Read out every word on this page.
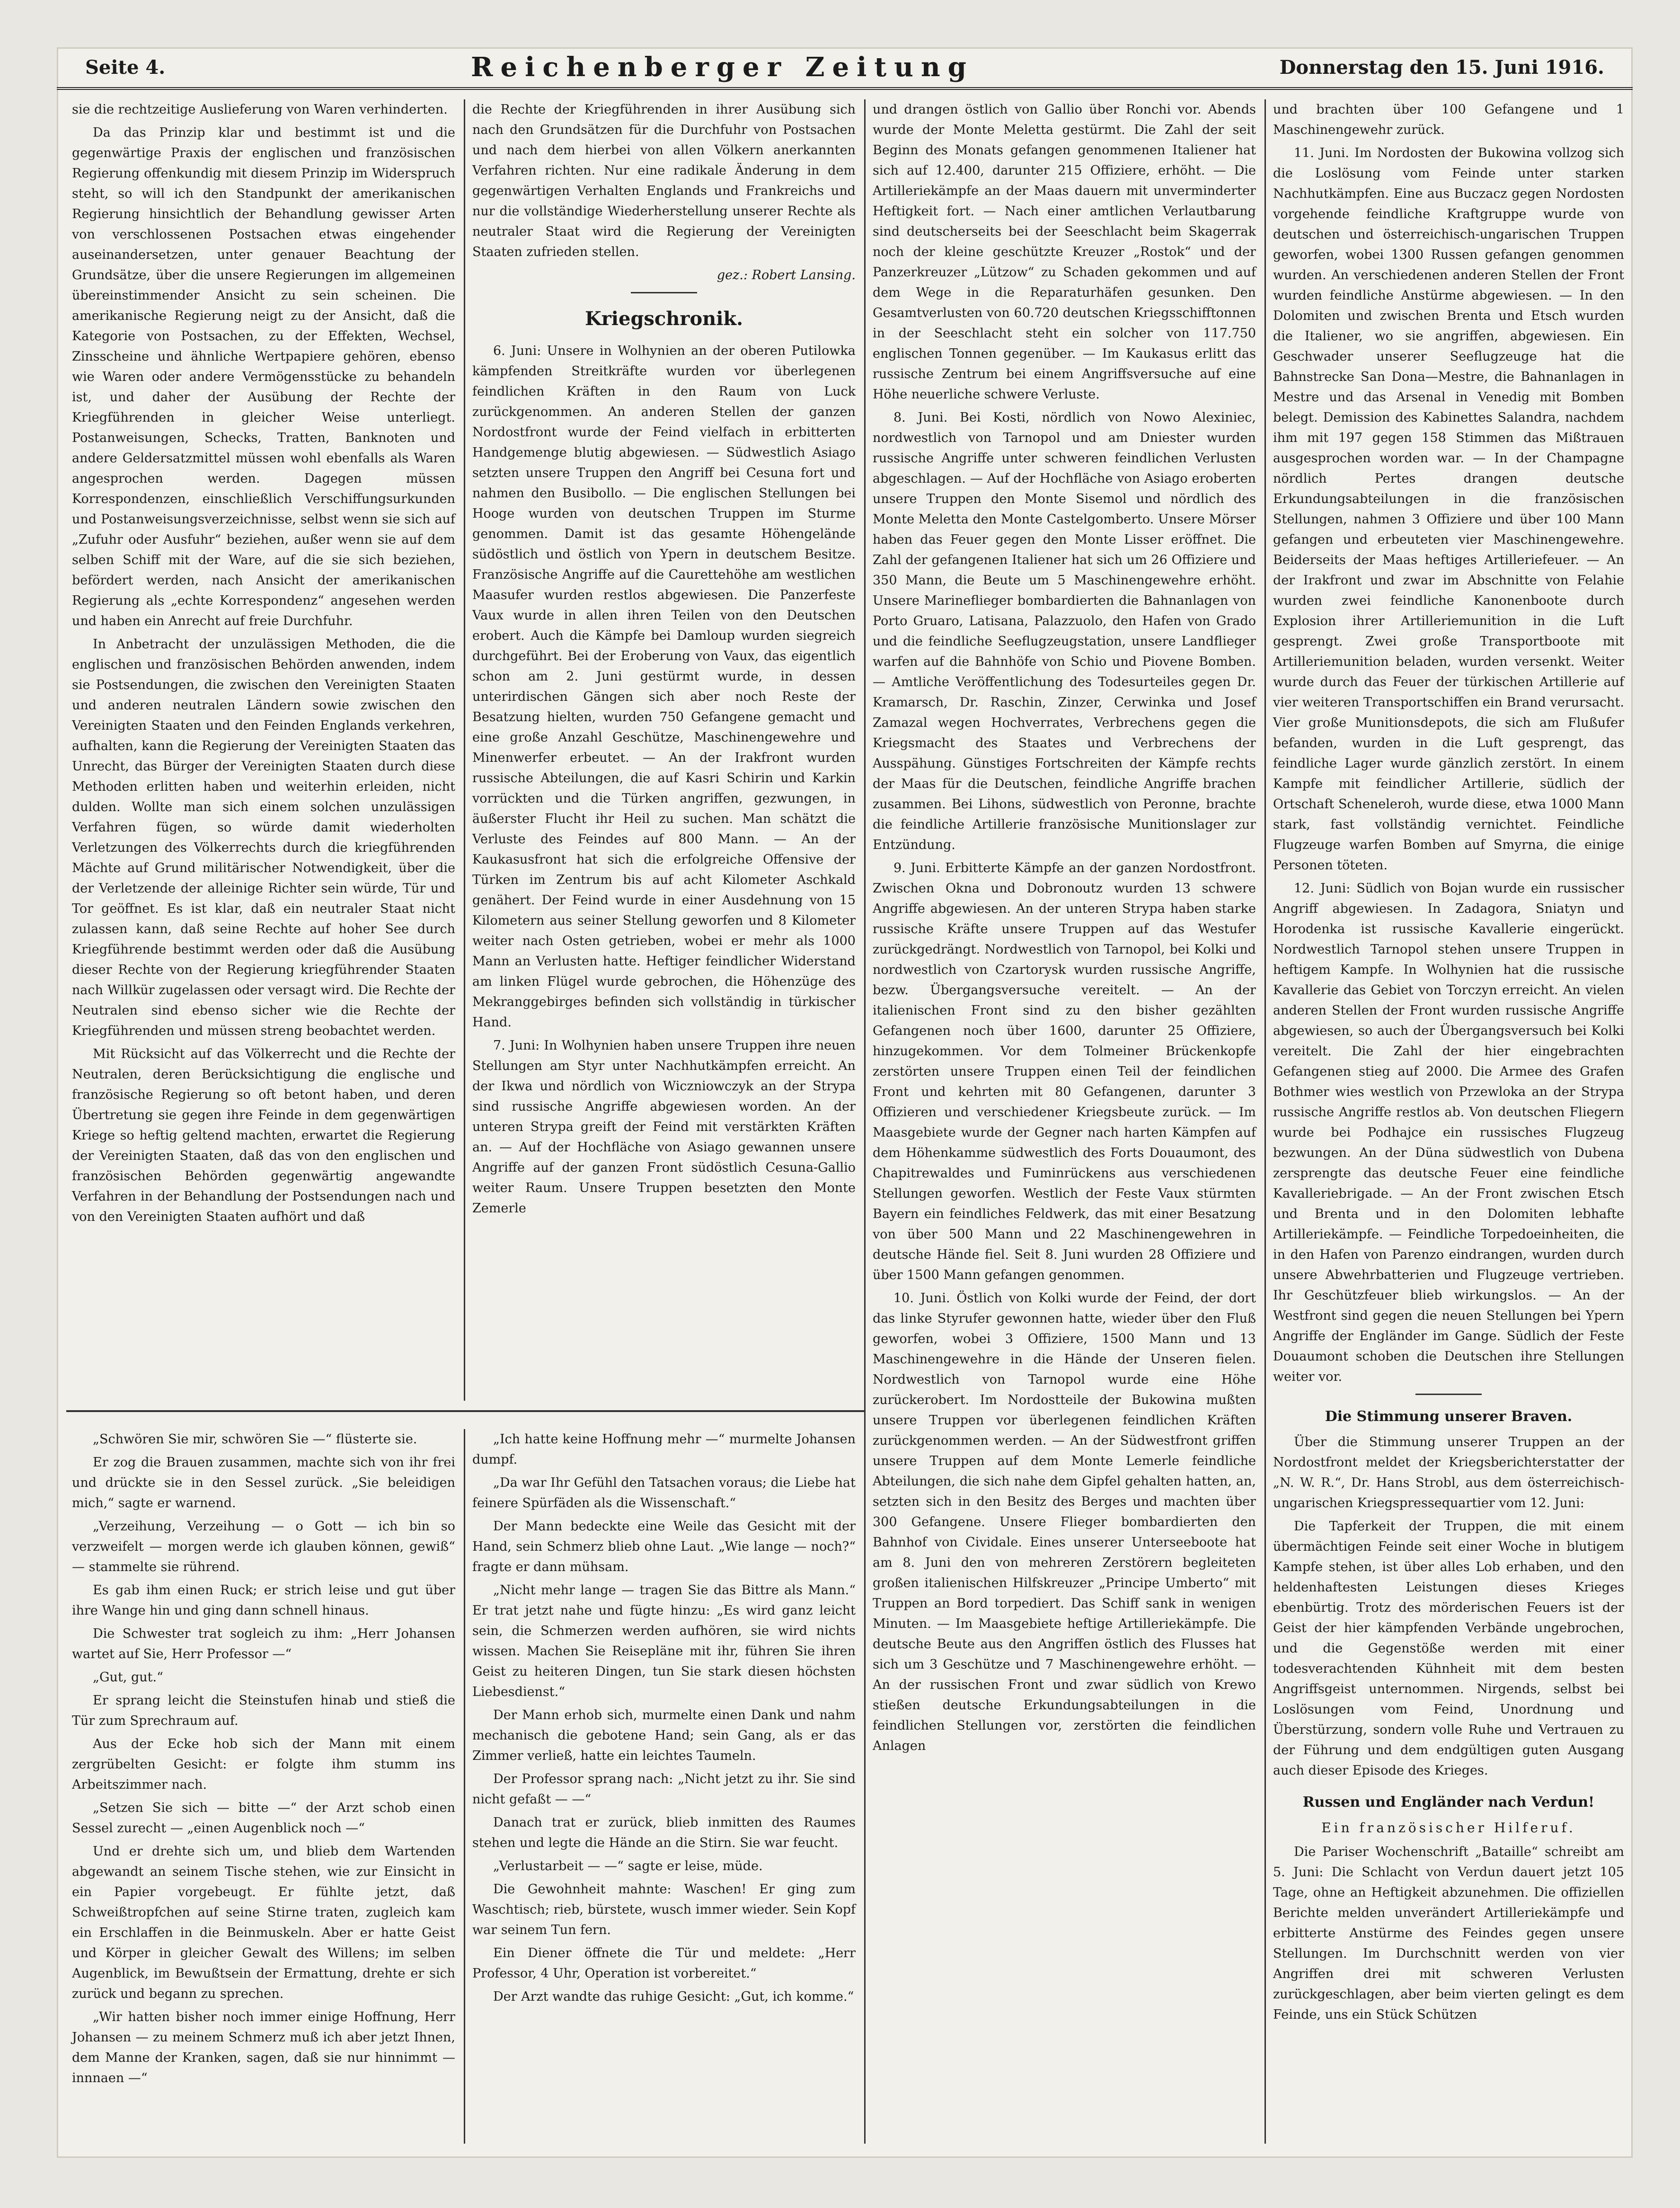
Seite 4.	Reichenberger Zeitung	Donnerstag den 15. Juni 1916.

sie die rechtzeitige Auslieferung von Waren verhinderten.

Da das Prinzip klar und bestimmt ist und die gegenwärtige Praxis der englischen und französischen Regierung offenkundig mit diesem Prinzip im Widerspruch steht, so will ich den Standpunkt der amerikanischen Regierung hinsichtlich der Behandlung gewisser Arten von verschlossenen Postsachen etwas eingehender auseinandersetzen, unter genauer Beachtung der Grundsätze, über die unsere Regierungen im allgemeinen übereinstimmender Ansicht zu sein scheinen. Die amerikanische Regierung neigt zu der Ansicht, daß die Kategorie von Postsachen, zu der Effekten, Wechsel, Zinsscheine und ähnliche Wertpapiere gehören, ebenso wie Waren oder andere Vermögensstücke zu behandeln ist, und daher der Ausübung der Rechte der Kriegführenden in gleicher Weise unterliegt. Postanweisungen, Schecks, Tratten, Banknoten und andere Geldersatzmittel müssen wohl ebenfalls als Waren angesprochen werden. Dagegen müssen Korrespondenzen, einschließlich Verschiffungsurkunden und Postanweisungsverzeichnisse, selbst wenn sie sich auf „Zufuhr oder Ausfuhr“ beziehen, außer wenn sie auf dem selben Schiff mit der Ware, auf die sie sich beziehen, befördert werden, nach Ansicht der amerikanischen Regierung als „echte Korrespondenz“ angesehen werden und haben ein Anrecht auf freie Durchfuhr.

In Anbetracht der unzulässigen Methoden, die die englischen und französischen Behörden anwenden, indem sie Postsendungen, die zwischen den Vereinigten Staaten und anderen neutralen Ländern sowie zwischen den Vereinigten Staaten und den Feinden Englands verkehren, aufhalten, kann die Regierung der Vereinigten Staaten das Unrecht, das Bürger der Vereinigten Staaten durch diese Methoden erlitten haben und weiterhin erleiden, nicht dulden. Wollte man sich einem solchen unzulässigen Verfahren fügen, so würde damit wiederholten Verletzungen des Völkerrechts durch die kriegführenden Mächte auf Grund militärischer Notwendigkeit, über die der Verletzende der alleinige Richter sein würde, Tür und Tor geöffnet. Es ist klar, daß ein neutraler Staat nicht zulassen kann, daß seine Rechte auf hoher See durch Kriegführende bestimmt werden oder daß die Ausübung dieser Rechte von der Regierung kriegführender Staaten nach Willkür zugelassen oder versagt wird. Die Rechte der Neutralen sind ebenso sicher wie die Rechte der Kriegführenden und müssen streng beobachtet werden.

Mit Rücksicht auf das Völkerrecht und die Rechte der Neutralen, deren Berücksichtigung die englische und französische Regierung so oft betont haben, und deren Übertretung sie gegen ihre Feinde in dem gegenwärtigen Kriege so heftig geltend machten, erwartet die Regierung der Vereinigten Staaten, daß das von den englischen und französischen Behörden gegenwärtig angewandte Verfahren in der Behandlung der Postsendungen nach und von den Vereinigten Staaten aufhört und daß

die Rechte der Kriegführenden in ihrer Ausübung sich nach den Grundsätzen für die Durchfuhr von Postsachen und nach dem hierbei von allen Völkern anerkannten Verfahren richten. Nur eine radikale Änderung in dem gegenwärtigen Verhalten Englands und Frankreichs und nur die vollständige Wiederherstellung unserer Rechte als neutraler Staat wird die Regierung der Vereinigten Staaten zufrieden stellen.

gez.: Robert Lansing.

Kriegschronik.

6. Juni: Unsere in Wolhynien an der oberen Putilowka kämpfenden Streitkräfte wurden vor überlegenen feindlichen Kräften in den Raum von Luck zurückgenommen. An anderen Stellen der ganzen Nordostfront wurde der Feind vielfach in erbitterten Handgemenge blutig abgewiesen. — Südwestlich Asiago setzten unsere Truppen den Angriff bei Cesuna fort und nahmen den Busibollo. — Die englischen Stellungen bei Hooge wurden von deutschen Truppen im Sturme genommen. Damit ist das gesamte Höhengelände südöstlich und östlich von Ypern in deutschem Besitze. Französische Angriffe auf die Caurettehöhe am westlichen Maasufer wurden restlos abgewiesen. Die Panzerfeste Vaux wurde in allen ihren Teilen von den Deutschen erobert. Auch die Kämpfe bei Damloup wurden siegreich durchgeführt. Bei der Eroberung von Vaux, das eigentlich schon am 2. Juni gestürmt wurde, in dessen unterirdischen Gängen sich aber noch Reste der Besatzung hielten, wurden 750 Gefangene gemacht und eine große Anzahl Geschütze, Maschinengewehre und Minenwerfer erbeutet. — An der Irakfront wurden russische Abteilungen, die auf Kasri Schirin und Karkin vorrückten und die Türken angriffen, gezwungen, in äußerster Flucht ihr Heil zu suchen. Man schätzt die Verluste des Feindes auf 800 Mann. — An der Kaukasusfront hat sich die erfolgreiche Offensive der Türken im Zentrum bis auf acht Kilometer Aschkald genähert. Der Feind wurde in einer Ausdehnung von 15 Kilometern aus seiner Stellung geworfen und 8 Kilometer weiter nach Osten getrieben, wobei er mehr als 1000 Mann an Verlusten hatte. Heftiger feindlicher Widerstand am linken Flügel wurde gebrochen, die Höhenzüge des Mekranggebirges befinden sich vollständig in türkischer Hand.

7. Juni: In Wolhynien haben unsere Truppen ihre neuen Stellungen am Styr unter Nachhutkämpfen erreicht. An der Ikwa und nördlich von Wiczniowczyk an der Strypa sind russische Angriffe abgewiesen worden. An der unteren Strypa greift der Feind mit verstärkten Kräften an. — Auf der Hochfläche von Asiago gewannen unsere Angriffe auf der ganzen Front südöstlich Cesuna-Gallio weiter Raum. Unsere Truppen besetzten den Monte Zemerle

und drangen östlich von Gallio über Ronchi vor. Abends wurde der Monte Meletta gestürmt. Die Zahl der seit Beginn des Monats gefangen genommenen Italiener hat sich auf 12.400, darunter 215 Offiziere, erhöht. — Die Artilleriekämpfe an der Maas dauern mit unverminderter Heftigkeit fort. — Nach einer amtlichen Verlautbarung sind deutscherseits bei der Seeschlacht beim Skagerrak noch der kleine geschützte Kreuzer „Rostok“ und der Panzerkreuzer „Lützow“ zu Schaden gekommen und auf dem Wege in die Reparaturhäfen gesunken. Den Gesamtverlusten von 60.720 deutschen Kriegsschifftonnen in der Seeschlacht steht ein solcher von 117.750 englischen Tonnen gegenüber. — Im Kaukasus erlitt das russische Zentrum bei einem Angriffsversuche auf eine Höhe neuerliche schwere Verluste.

8. Juni. Bei Kosti, nördlich von Nowo Alexiniec, nordwestlich von Tarnopol und am Dniester wurden russische Angriffe unter schweren feindlichen Verlusten abgeschlagen. — Auf der Hochfläche von Asiago eroberten unsere Truppen den Monte Sisemol und nördlich des Monte Meletta den Monte Castelgomberto. Unsere Mörser haben das Feuer gegen den Monte Lisser eröffnet. Die Zahl der gefangenen Italiener hat sich um 26 Offiziere und 350 Mann, die Beute um 5 Maschinengewehre erhöht. Unsere Marineflieger bombardierten die Bahnanlagen von Porto Gruaro, Latisana, Palazzuolo, den Hafen von Grado und die feindliche Seeflugzeugstation, unsere Landflieger warfen auf die Bahnhöfe von Schio und Piovene Bomben. — Amtliche Veröffentlichung des Todesurteiles gegen Dr. Kramarsch, Dr. Raschin, Zinzer, Cerwinka und Josef Zamazal wegen Hochverrates, Verbrechens gegen die Kriegsmacht des Staates und Verbrechens der Ausspähung. Günstiges Fortschreiten der Kämpfe rechts der Maas für die Deutschen, feindliche Angriffe brachen zusammen. Bei Lihons, südwestlich von Peronne, brachte die feindliche Artillerie französische Munitionslager zur Entzündung.

9. Juni. Erbitterte Kämpfe an der ganzen Nordostfront. Zwischen Okna und Dobronoutz wurden 13 schwere Angriffe abgewiesen. An der unteren Strypa haben starke russische Kräfte unsere Truppen auf das Westufer zurückgedrängt. Nordwestlich von Tarnopol, bei Kolki und nordwestlich von Czartorysk wurden russische Angriffe, bezw. Übergangsversuche vereitelt. — An der italienischen Front sind zu den bisher gezählten Gefangenen noch über 1600, darunter 25 Offiziere, hinzugekommen. Vor dem Tolmeiner Brückenkopfe zerstörten unsere Truppen einen Teil der feindlichen Front und kehrten mit 80 Gefangenen, darunter 3 Offizieren und verschiedener Kriegsbeute zurück. — Im Maasgebiete wurde der Gegner nach harten Kämpfen auf dem Höhenkamme südwestlich des Forts Douaumont, des Chapitrewaldes und Fuminrückens aus verschiedenen Stellungen geworfen. Westlich der Feste Vaux stürmten Bayern ein feindliches Feldwerk, das mit einer Besatzung von über 500 Mann und 22 Maschinengewehren in deutsche Hände fiel. Seit 8. Juni wurden 28 Offiziere und über 1500 Mann gefangen genommen.

10. Juni. Östlich von Kolki wurde der Feind, der dort das linke Styrufer gewonnen hatte, wieder über den Fluß geworfen, wobei 3 Offiziere, 1500 Mann und 13 Maschinengewehre in die Hände der Unseren fielen. Nordwestlich von Tarnopol wurde eine Höhe zurückerobert. Im Nordostteile der Bukowina mußten unsere Truppen vor überlegenen feindlichen Kräften zurückgenommen werden. — An der Südwestfront griffen unsere Truppen auf dem Monte Lemerle feindliche Abteilungen, die sich nahe dem Gipfel gehalten hatten, an, setzten sich in den Besitz des Berges und machten über 300 Gefangene. Unsere Flieger bombardierten den Bahnhof von Cividale. Eines unserer Unterseeboote hat am 8. Juni den von mehreren Zerstörern begleiteten großen italienischen Hilfskreuzer „Principe Umberto“ mit Truppen an Bord torpediert. Das Schiff sank in wenigen Minuten. — Im Maasgebiete heftige Artilleriekämpfe. Die deutsche Beute aus den Angriffen östlich des Flusses hat sich um 3 Geschütze und 7 Maschinengewehre erhöht. — An der russischen Front und zwar südlich von Krewo stießen deutsche Erkundungsabteilungen in die feindlichen Stellungen vor, zerstörten die feindlichen Anlagen

und brachten über 100 Gefangene und 1 Maschinengewehr zurück.

11. Juni. Im Nordosten der Bukowina vollzog sich die Loslösung vom Feinde unter starken Nachhutkämpfen. Eine aus Buczacz gegen Nordosten vorgehende feindliche Kraftgruppe wurde von deutschen und österreichisch-ungarischen Truppen geworfen, wobei 1300 Russen gefangen genommen wurden. An verschiedenen anderen Stellen der Front wurden feindliche Anstürme abgewiesen. — In den Dolomiten und zwischen Brenta und Etsch wurden die Italiener, wo sie angriffen, abgewiesen. Ein Geschwader unserer Seeflugzeuge hat die Bahnstrecke San Dona—Mestre, die Bahnanlagen in Mestre und das Arsenal in Venedig mit Bomben belegt. Demission des Kabinettes Salandra, nachdem ihm mit 197 gegen 158 Stimmen das Mißtrauen ausgesprochen worden war. — In der Champagne nördlich Pertes drangen deutsche Erkundungsabteilungen in die französischen Stellungen, nahmen 3 Offiziere und über 100 Mann gefangen und erbeuteten vier Maschinengewehre. Beiderseits der Maas heftiges Artilleriefeuer. — An der Irakfront und zwar im Abschnitte von Felahie wurden zwei feindliche Kanonenboote durch Explosion ihrer Artilleriemunition in die Luft gesprengt. Zwei große Transportboote mit Artilleriemunition beladen, wurden versenkt. Weiter wurde durch das Feuer der türkischen Artillerie auf vier weiteren Transportschiffen ein Brand verursacht. Vier große Munitionsdepots, die sich am Flußufer befanden, wurden in die Luft gesprengt, das feindliche Lager wurde gänzlich zerstört. In einem Kampfe mit feindlicher Artillerie, südlich der Ortschaft Scheneleroh, wurde diese, etwa 1000 Mann stark, fast vollständig vernichtet. Feindliche Flugzeuge warfen Bomben auf Smyrna, die einige Personen töteten.

12. Juni: Südlich von Bojan wurde ein russischer Angriff abgewiesen. In Zadagora, Sniatyn und Horodenka ist russische Kavallerie eingerückt. Nordwestlich Tarnopol stehen unsere Truppen in heftigem Kampfe. In Wolhynien hat die russische Kavallerie das Gebiet von Torczyn erreicht. An vielen anderen Stellen der Front wurden russische Angriffe abgewiesen, so auch der Übergangsversuch bei Kolki vereitelt. Die Zahl der hier eingebrachten Gefangenen stieg auf 2000. Die Armee des Grafen Bothmer wies westlich von Przewloka an der Strypa russische Angriffe restlos ab. Von deutschen Fliegern wurde bei Podhajce ein russisches Flugzeug bezwungen. An der Düna südwestlich von Dubena zersprengte das deutsche Feuer eine feindliche Kavalleriebrigade. — An der Front zwischen Etsch und Brenta und in den Dolomiten lebhafte Artilleriekämpfe. — Feindliche Torpedoeinheiten, die in den Hafen von Parenzo eindrangen, wurden durch unsere Abwehrbatterien und Flugzeuge vertrieben. Ihr Geschützfeuer blieb wirkungslos. — An der Westfront sind gegen die neuen Stellungen bei Ypern Angriffe der Engländer im Gange. Südlich der Feste Douaumont schoben die Deutschen ihre Stellungen weiter vor.

Die Stimmung unserer Braven.

Über die Stimmung unserer Truppen an der Nordostfront meldet der Kriegsberichterstatter der „N. W. R.“, Dr. Hans Strobl, aus dem österreichisch-ungarischen Kriegspressequartier vom 12. Juni:

Die Tapferkeit der Truppen, die mit einem übermächtigen Feinde seit einer Woche in blutigem Kampfe stehen, ist über alles Lob erhaben, und den heldenhaftesten Leistungen dieses Krieges ebenbürtig. Trotz des mörderischen Feuers ist der Geist der hier kämpfenden Verbände ungebrochen, und die Gegenstöße werden mit einer todesverachtenden Kühnheit mit dem besten Angriffsgeist unternommen. Nirgends, selbst bei Loslösungen vom Feind, Unordnung und Überstürzung, sondern volle Ruhe und Vertrauen zu der Führung und dem endgültigen guten Ausgang auch dieser Episode des Krieges.

Russen und Engländer nach Verdun!
Ein französischer Hilferuf.

Die Pariser Wochenschrift „Bataille“ schreibt am 5. Juni: Die Schlacht von Verdun dauert jetzt 105 Tage, ohne an Heftigkeit abzunehmen. Die offiziellen Berichte melden unverändert Artilleriekämpfe und erbitterte Anstürme des Feindes gegen unsere Stellungen. Im Durchschnitt werden von vier Angriffen drei mit schweren Verlusten zurückgeschlagen, aber beim vierten gelingt es dem Feinde, uns ein Stück Schützen

„Schwören Sie mir, schwören Sie —“ flüsterte sie.

Er zog die Brauen zusammen, machte sich von ihr frei und drückte sie in den Sessel zurück. „Sie beleidigen mich,“ sagte er warnend.

„Verzeihung, Verzeihung — o Gott — ich bin so verzweifelt — morgen werde ich glauben können, gewiß“ — stammelte sie rührend.

Es gab ihm einen Ruck; er strich leise und gut über ihre Wange hin und ging dann schnell hinaus.

Die Schwester trat sogleich zu ihm: „Herr Johansen wartet auf Sie, Herr Professor —“

„Gut, gut.“

Er sprang leicht die Steinstufen hinab und stieß die Tür zum Sprechraum auf.

Aus der Ecke hob sich der Mann mit einem zergrübelten Gesicht: er folgte ihm stumm ins Arbeitszimmer nach.

„Setzen Sie sich — bitte —“ der Arzt schob einen Sessel zurecht — „einen Augenblick noch —“

Und er drehte sich um, und blieb dem Wartenden abgewandt an seinem Tische stehen, wie zur Einsicht in ein Papier vorgebeugt. Er fühlte jetzt, daß Schweißtropfchen auf seine Stirne traten, zugleich kam ein Erschlaffen in die Beinmuskeln. Aber er hatte Geist und Körper in gleicher Gewalt des Willens; im selben Augenblick, im Bewußtsein der Ermattung, drehte er sich zurück und begann zu sprechen.

„Wir hatten bisher noch immer einige Hoffnung, Herr Johansen — zu meinem Schmerz muß ich aber jetzt Ihnen, dem Manne der Kranken, sagen, daß sie nur hinnimmt — innnaen —“

„Ich hatte keine Hoffnung mehr —“ murmelte Johansen dumpf.

„Da war Ihr Gefühl den Tatsachen voraus; die Liebe hat feinere Spürfäden als die Wissenschaft.“

Der Mann bedeckte eine Weile das Gesicht mit der Hand, sein Schmerz blieb ohne Laut. „Wie lange — noch?“ fragte er dann mühsam.

„Nicht mehr lange — tragen Sie das Bittre als Mann.“ Er trat jetzt nahe und fügte hinzu: „Es wird ganz leicht sein, die Schmerzen werden aufhören, sie wird nichts wissen. Machen Sie Reisepläne mit ihr, führen Sie ihren Geist zu heiteren Dingen, tun Sie stark diesen höchsten Liebesdienst.“

Der Mann erhob sich, murmelte einen Dank und nahm mechanisch die gebotene Hand; sein Gang, als er das Zimmer verließ, hatte ein leichtes Taumeln.

Der Professor sprang nach: „Nicht jetzt zu ihr. Sie sind nicht gefaßt — —“

Danach trat er zurück, blieb inmitten des Raumes stehen und legte die Hände an die Stirn. Sie war feucht.

„Verlustarbeit — —“ sagte er leise, müde.

Die Gewohnheit mahnte: Waschen! Er ging zum Waschtisch; rieb, bürstete, wusch immer wieder. Sein Kopf war seinem Tun fern.

Ein Diener öffnete die Tür und meldete: „Herr Professor, 4 Uhr, Operation ist vorbereitet.“

Der Arzt wandte das ruhige Gesicht: „Gut, ich komme.“
